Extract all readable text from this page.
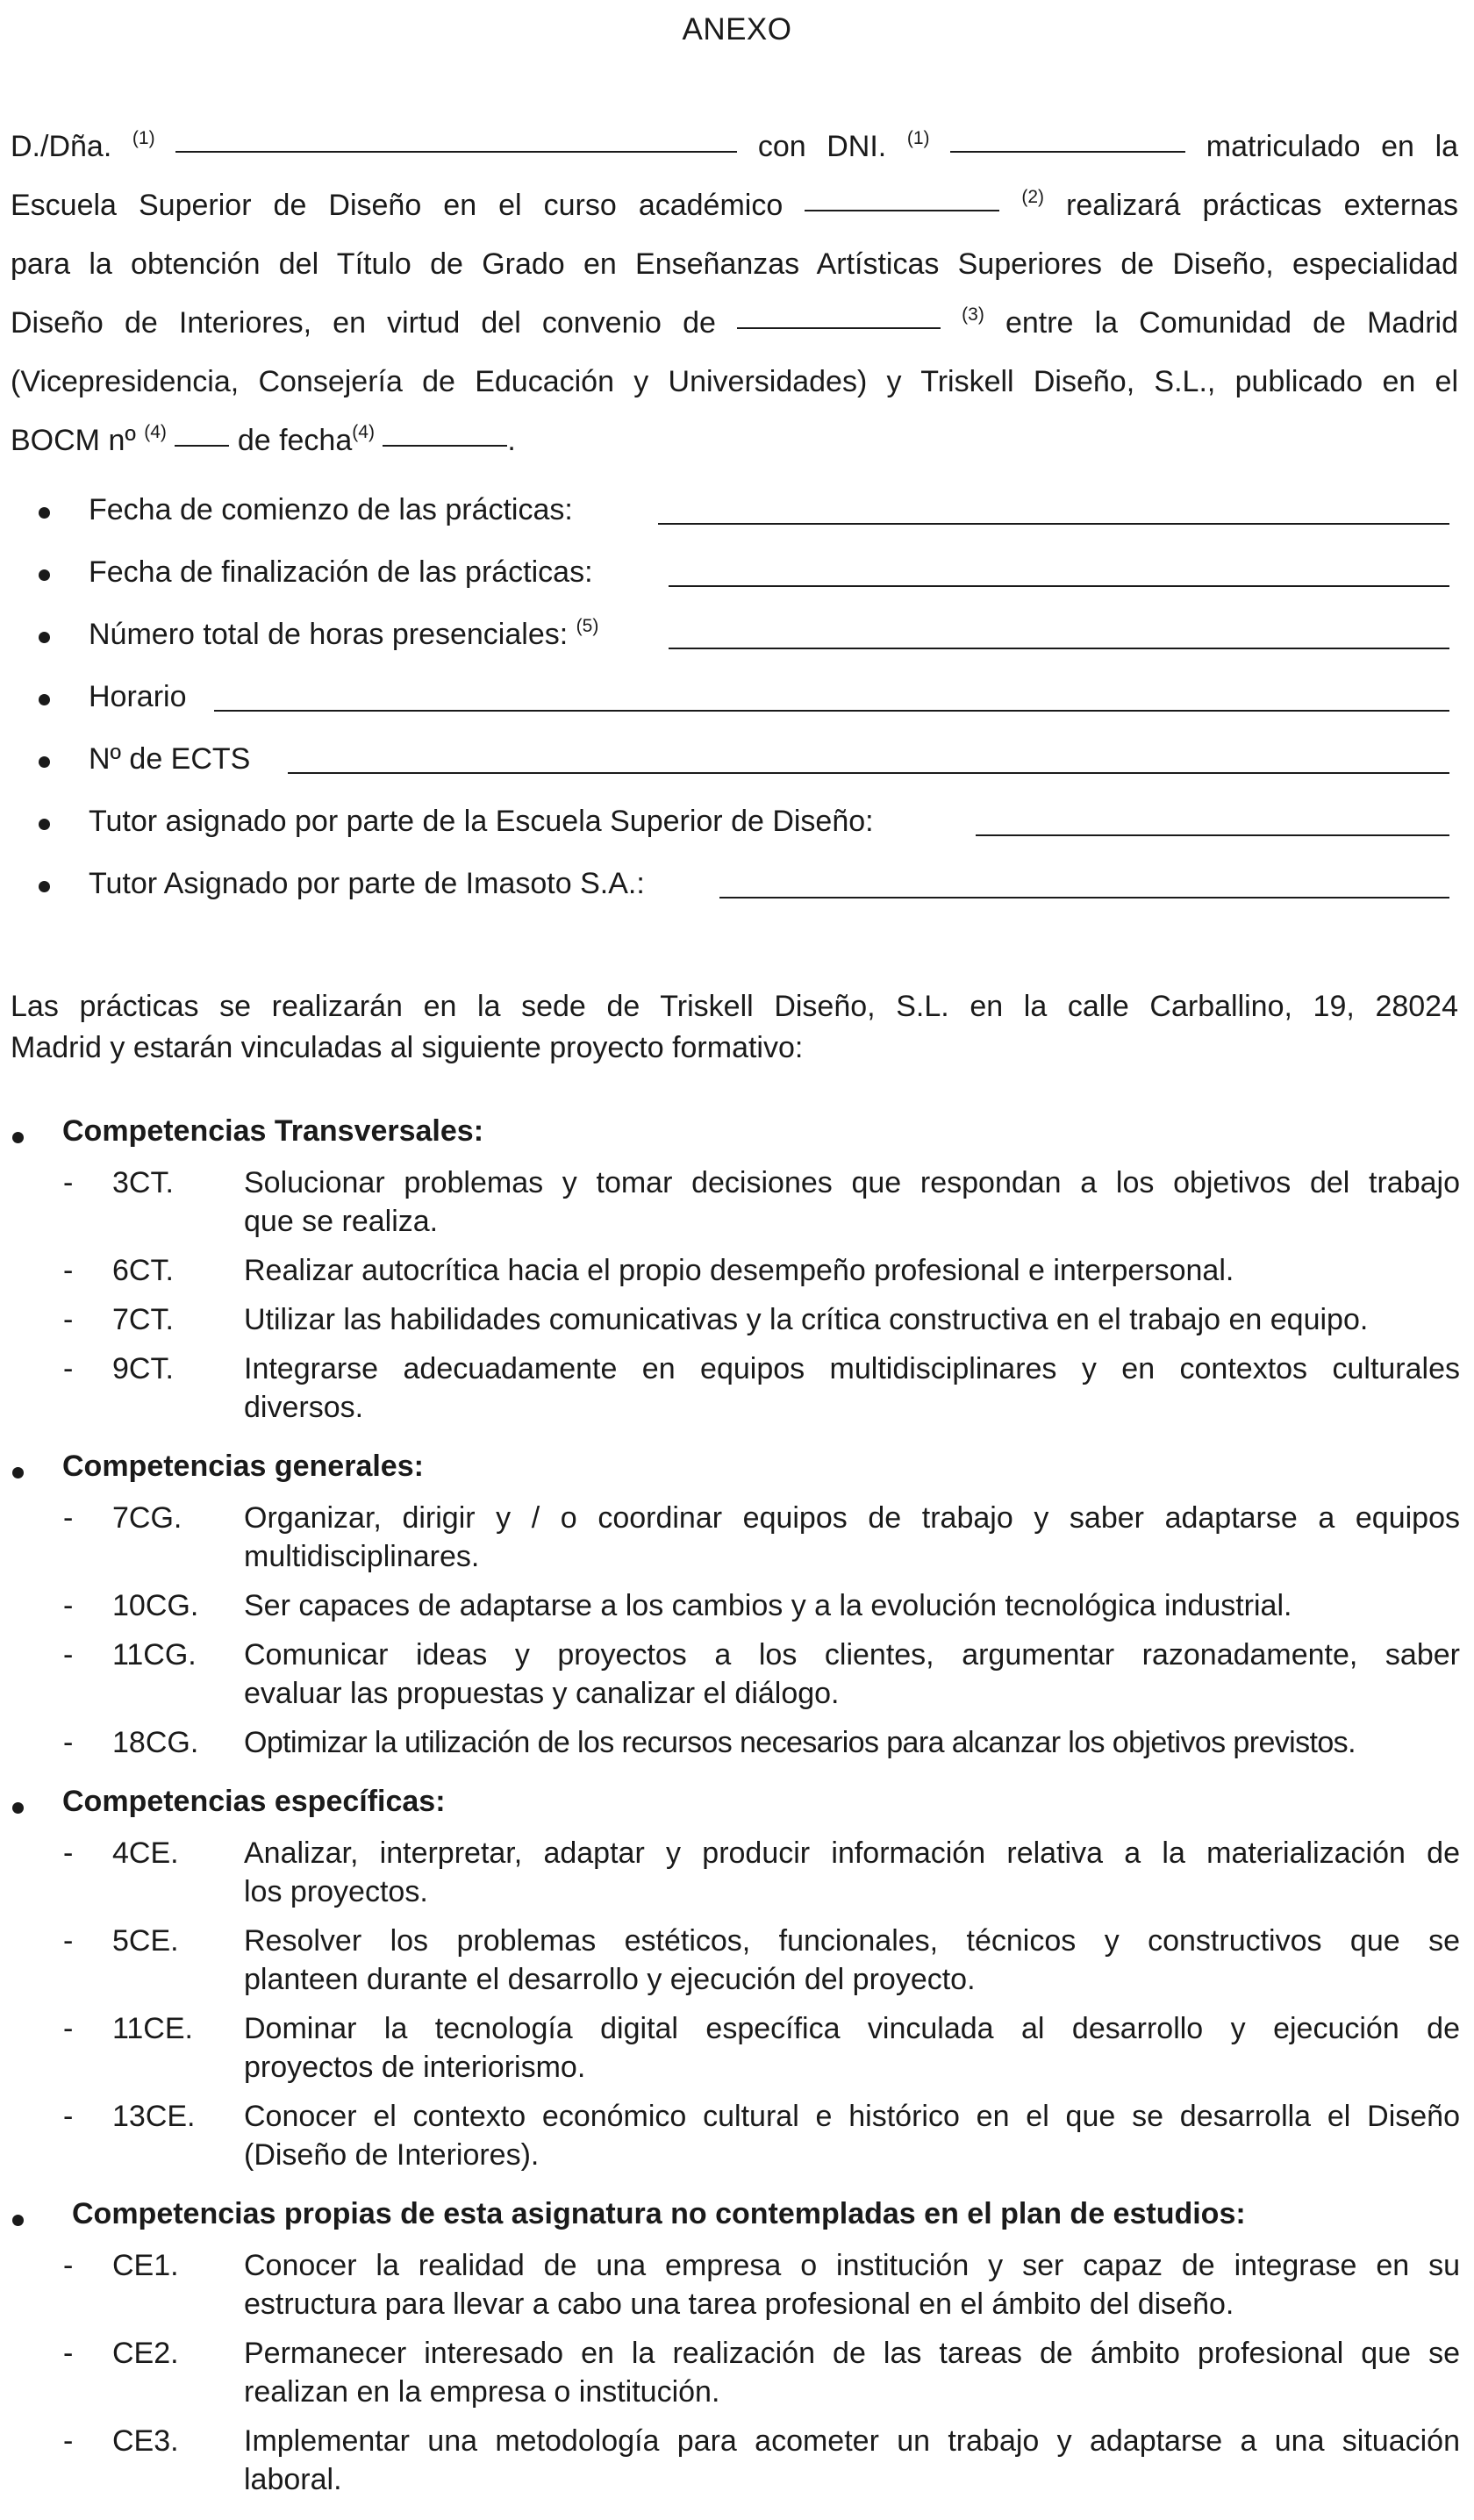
ANEXO
D./Dña. $^{(1)}$	con DNI. $^{(1)}$	matriculado en la
Escuela Superior de Diseño en el curso académico	$^{(2)}$ realizará prácticas externas
para la obtención del Título de Grado en Enseñanzas Artísticas Superiores de Diseño, especialidad
Diseño de Interiores, en virtud del convenio de	$^{(3)}$ entre la Comunidad de Madrid
(Vicepresidencia, Consejería de Educación y Universidades) y Triskell Diseño, S.L., publicado en el
BOCM nº $^{(4)}$ de fecha$^{(4)}$	.
Fecha de comienzo de las prácticas:
Fecha de finalización de las prácticas:
Número total de horas presenciales: $^{(5)}$
Horario
Nº de ECTS
Tutor asignado por parte de la Escuela Superior de Diseño:
Tutor Asignado por parte de Imasoto S.A.:
Las prácticas se realizarán en la sede de Triskell Diseño, S.L. en la calle Carballino, 19, 28024
Madrid y estarán vinculadas al siguiente proyecto formativo:
Competencias Transversales:
- 3CT. Solucionar problemas y tomar decisiones que respondan a los objetivos del trabajo
que se realiza.
- 6CT. Realizar autocrítica hacia el propio desempeño profesional e interpersonal.
- 7CT. Utilizar las habilidades comunicativas y la crítica constructiva en el trabajo en equipo.
- 9CT. Integrarse adecuadamente en equipos multidisciplinares y en contextos culturales
diversos.
Competencias generales:
- 7CG. Organizar, dirigir y / o coordinar equipos de trabajo y saber adaptarse a equipos
multidisciplinares.
- 10CG. Ser capaces de adaptarse a los cambios y a la evolución tecnológica industrial.
- 11CG. Comunicar ideas y proyectos a los clientes, argumentar razonadamente, saber
evaluar las propuestas y canalizar el diálogo.
- 18CG. Optimizar la utilización de los recursos necesarios para alcanzar los objetivos previstos.
Competencias específicas:
- 4CE. Analizar, interpretar, adaptar y producir información relativa a la materialización de
los proyectos.
- 5CE. Resolver los problemas estéticos, funcionales, técnicos y constructivos que se
planteen durante el desarrollo y ejecución del proyecto.
- 11CE. Dominar la tecnología digital específica vinculada al desarrollo y ejecución de
proyectos de interiorismo.
- 13CE. Conocer el contexto económico cultural e histórico en el que se desarrolla el Diseño
(Diseño de Interiores).
Competencias propias de esta asignatura no contempladas en el plan de estudios:
- CE1. Conocer la realidad de una empresa o institución y ser capaz de integrase en su
estructura para llevar a cabo una tarea profesional en el ámbito del diseño.
- CE2. Permanecer interesado en la realización de las tareas de ámbito profesional que se
realizan en la empresa o institución.
- CE3. Implementar una metodología para acometer un trabajo y adaptarse a una situación
laboral.
